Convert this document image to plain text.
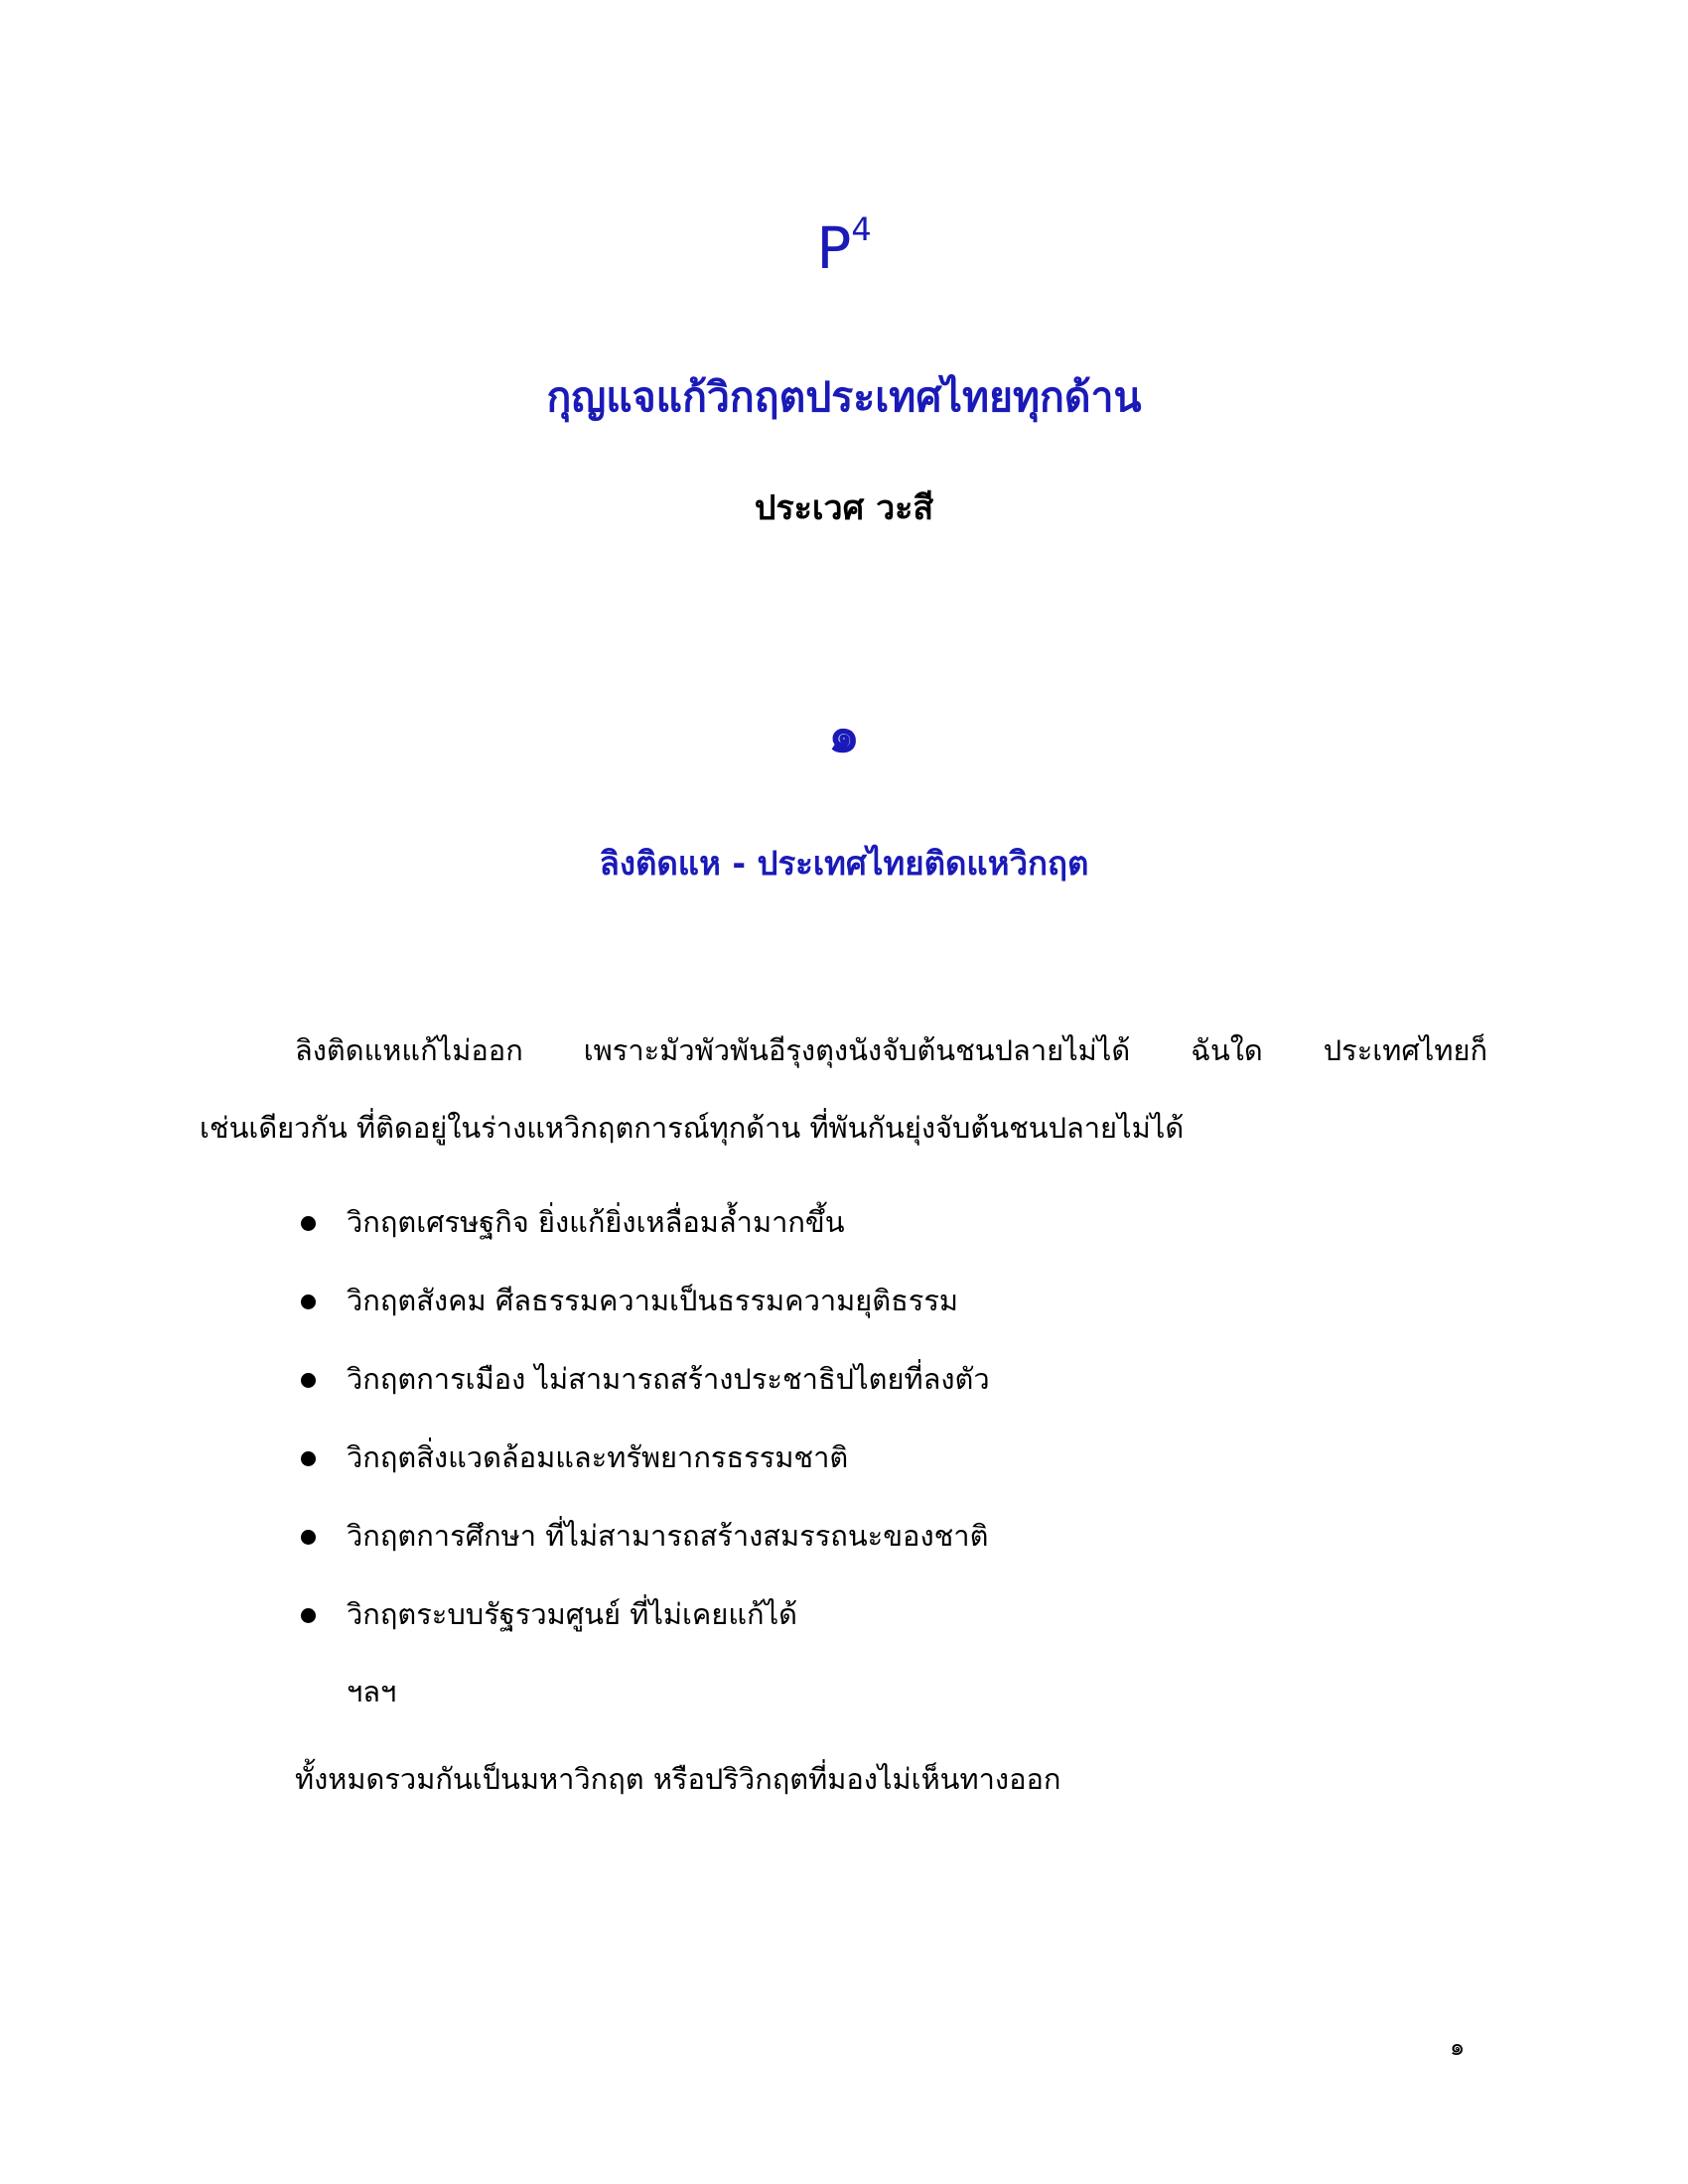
$P^4$
กุญแจแก้วิกฤตประเทศไทยทุกด้าน
ประเวศ วะสี
๑
ลิงติดแห - ประเทศไทยติดแหวิกฤต
ลิงติดแหแก้ไม่ออก เพราะมัวพัวพันอีรุงตุงนังจับต้นชนปลายไม่ได้ ฉันใด ประเทศไทยก็
เช่นเดียวกัน ที่ติดอยู่ในร่างแหวิกฤตการณ์ทุกด้าน ที่พันกันยุ่งจับต้นชนปลายไม่ได้
วิกฤตเศรษฐกิจ ยิ่งแก้ยิ่งเหลื่อมล้ำมากขึ้น
วิกฤตสังคม ศีลธรรมความเป็นธรรมความยุติธรรม
วิกฤตการเมือง ไม่สามารถสร้างประชาธิปไตยที่ลงตัว
วิกฤตสิ่งแวดล้อมและทรัพยากรธรรมชาติ
วิกฤตการศึกษา ที่ไม่สามารถสร้างสมรรถนะของชาติ
วิกฤตระบบรัฐรวมศูนย์ ที่ไม่เคยแก้ได้
ฯลฯ
ทั้งหมดรวมกันเป็นมหาวิกฤต หรือปริวิกฤตที่มองไม่เห็นทางออก
๑
